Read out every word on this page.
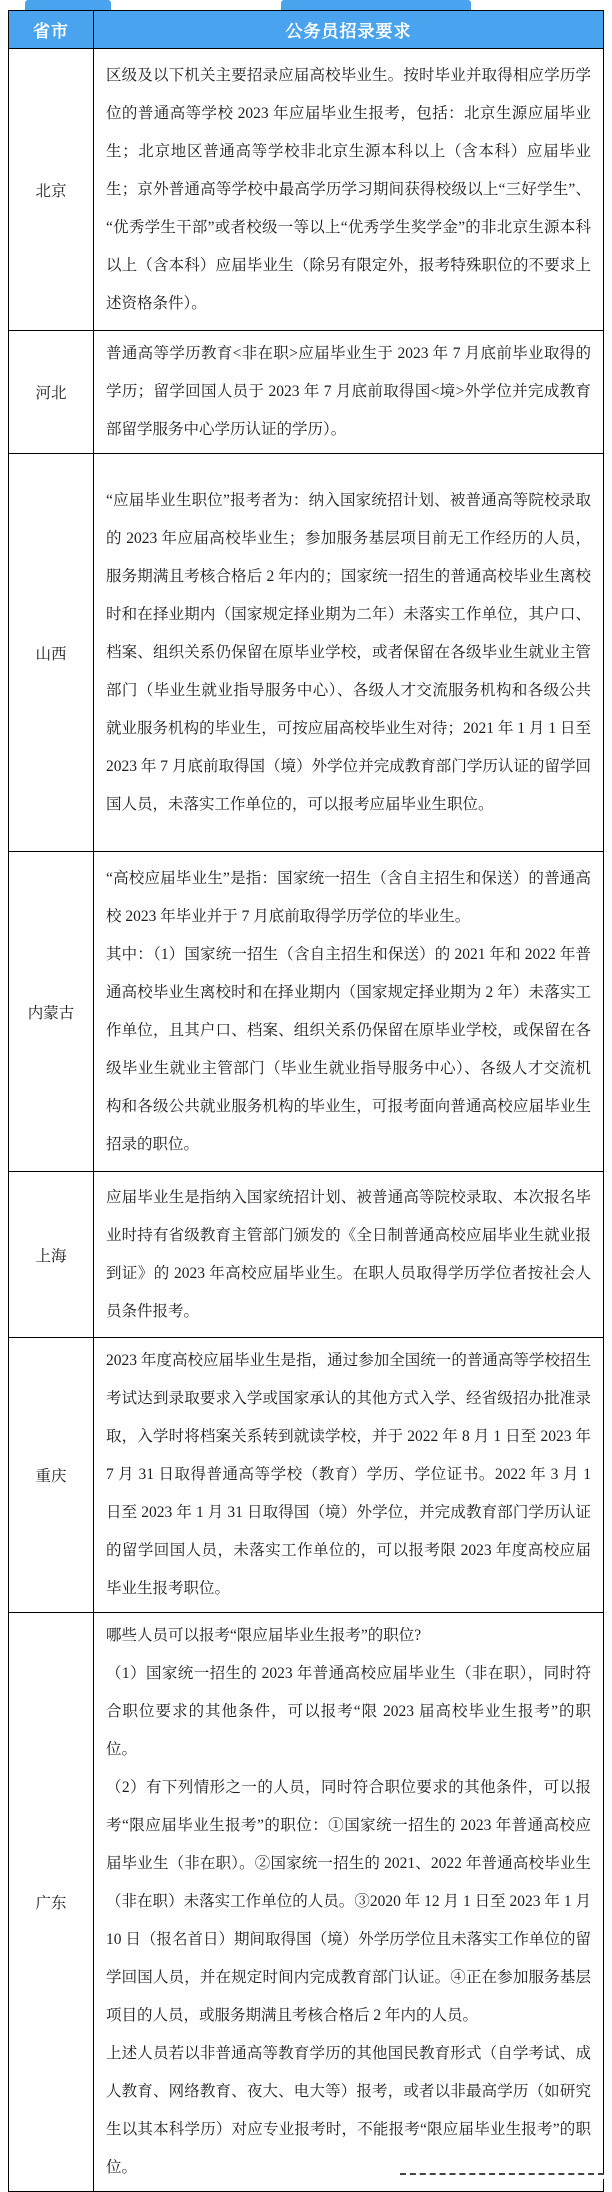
省市	公务员招录要求
北京	区级及以下机关主要招录应届高校毕业生。按时毕业并取得相应学历学位的普通高等学校 2023 年应届毕业生报考，包括：北京生源应届毕业生；北京地区普通高等学校非北京生源本科以上（含本科）应届毕业生；京外普通高等学校中最高学历学习期间获得校级以上“三好学生”、“优秀学生干部”或者校级一等以上“优秀学生奖学金”的非北京生源本科以上（含本科）应届毕业生（除另有限定外，报考特殊职位的不要求上述资格条件）。

河北	普通高等学历教育<非在职>应届毕业生于 2023 年 7 月底前毕业取得的学历；留学回国人员于 2023 年 7 月底前取得国<境>外学位并完成教育部留学服务中心学历认证的学历）。

山西	“应届毕业生职位”报考者为：纳入国家统招计划、被普通高等院校录取的 2023 年应届高校毕业生；参加服务基层项目前无工作经历的人员，服务期满且考核合格后 2 年内的；国家统一招生的普通高校毕业生离校时和在择业期内（国家规定择业期为二年）未落实工作单位，其户口、档案、组织关系仍保留在原毕业学校，或者保留在各级毕业生就业主管部门（毕业生就业指导服务中心）、各级人才交流服务机构和各级公共就业服务机构的毕业生，可按应届高校毕业生对待；2021 年 1 月 1 日至 2023 年 7 月底前取得国（境）外学位并完成教育部门学历认证的留学回国人员，未落实工作单位的，可以报考应届毕业生职位。

内蒙古	“高校应届毕业生”是指：国家统一招生（含自主招生和保送）的普通高校 2023 年毕业并于 7 月底前取得学历学位的毕业生。

其中：（1）国家统一招生（含自主招生和保送）的 2021 年和 2022 年普通高校毕业生离校时和在择业期内（国家规定择业期为 2 年）未落实工作单位，且其户口、档案、组织关系仍保留在原毕业学校，或保留在各级毕业生就业主管部门（毕业生就业指导服务中心）、各级人才交流机构和各级公共就业服务机构的毕业生，可报考面向普通高校应届毕业生招录的职位。

上海	应届毕业生是指纳入国家统招计划、被普通高等院校录取、本次报名毕业时持有省级教育主管部门颁发的《全日制普通高校应届毕业生就业报到证》的 2023 年高校应届毕业生。在职人员取得学历学位者按社会人员条件报考。

重庆	2023 年度高校应届毕业生是指，通过参加全国统一的普通高等学校招生考试达到录取要求入学或国家承认的其他方式入学、经省级招办批准录取，入学时将档案关系转到就读学校，并于 2022 年 8 月 1 日至 2023 年 7 月 31 日取得普通高等学校（教育）学历、学位证书。2022 年 3 月 1 日至 2023 年 1 月 31 日取得国（境）外学位，并完成教育部门学历认证的留学回国人员，未落实工作单位的，可以报考限 2023 年度高校应届毕业生报考职位。

广东	哪些人员可以报考“限应届毕业生报考”的职位?

（1）国家统一招生的 2023 年普通高校应届毕业生（非在职），同时符合职位要求的其他条件，可以报考“限 2023 届高校毕业生报考”的职位。

（2）有下列情形之一的人员，同时符合职位要求的其他条件，可以报考“限应届毕业生报考”的职位：①国家统一招生的 2023 年普通高校应届毕业生（非在职）。②国家统一招生的 2021、2022 年普通高校毕业生（非在职）未落实工作单位的人员。③2020 年 12 月 1 日至 2023 年 1 月 10 日（报名首日）期间取得国（境）外学历学位且未落实工作单位的留学回国人员，并在规定时间内完成教育部门认证。④正在参加服务基层项目的人员，或服务期满且考核合格后 2 年内的人员。

上述人员若以非普通高等教育学历的其他国民教育形式（自学考试、成人教育、网络教育、夜大、电大等）报考，或者以非最高学历（如研究生以其本科学历）对应专业报考时，不能报考“限应届毕业生报考”的职位。
